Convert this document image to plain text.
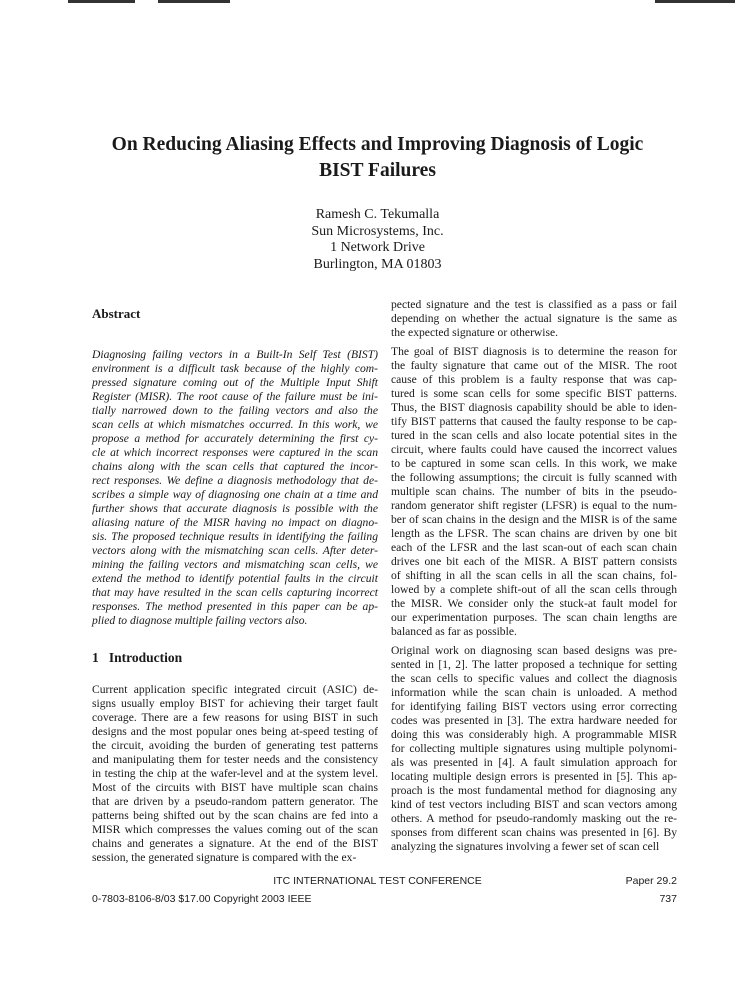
On Reducing Aliasing Effects and Improving Diagnosis of Logic
BIST Failures
Ramesh C. Tekumalla
Sun Microsystems, Inc.
1 Network Drive
Burlington, MA 01803
Abstract
Diagnosing failing vectors in a Built-In Self Test (BIST)
environment is a difficult task because of the highly com-
pressed signature coming out of the Multiple Input Shift
Register (MISR). The root cause of the failure must be ini-
tially narrowed down to the failing vectors and also the
scan cells at which mismatches occurred. In this work, we
propose a method for accurately determining the first cy-
cle at which incorrect responses were captured in the scan
chains along with the scan cells that captured the incor-
rect responses. We define a diagnosis methodology that de-
scribes a simple way of diagnosing one chain at a time and
further shows that accurate diagnosis is possible with the
aliasing nature of the MISR having no impact on diagno-
sis. The proposed technique results in identifying the failing
vectors along with the mismatching scan cells. After deter-
mining the failing vectors and mismatching scan cells, we
extend the method to identify potential faults in the circuit
that may have resulted in the scan cells capturing incorrect
responses. The method presented in this paper can be ap-
plied to diagnose multiple failing vectors also.
1   Introduction
Current application specific integrated circuit (ASIC) de-
signs usually employ BIST for achieving their target fault
coverage. There are a few reasons for using BIST in such
designs and the most popular ones being at-speed testing of
the circuit, avoiding the burden of generating test patterns
and manipulating them for tester needs and the consistency
in testing the chip at the wafer-level and at the system level.
Most of the circuits with BIST have multiple scan chains
that are driven by a pseudo-random pattern generator. The
patterns being shifted out by the scan chains are fed into a
MISR which compresses the values coming out of the scan
chains and generates a signature. At the end of the BIST
session, the generated signature is compared with the ex-
pected signature and the test is classified as a pass or fail
depending on whether the actual signature is the same as
the expected signature or otherwise.
The goal of BIST diagnosis is to determine the reason for
the faulty signature that came out of the MISR. The root
cause of this problem is a faulty response that was cap-
tured is some scan cells for some specific BIST patterns.
Thus, the BIST diagnosis capability should be able to iden-
tify BIST patterns that caused the faulty response to be cap-
tured in the scan cells and also locate potential sites in the
circuit, where faults could have caused the incorrect values
to be captured in some scan cells. In this work, we make
the following assumptions; the circuit is fully scanned with
multiple scan chains. The number of bits in the pseudo-
random generator shift register (LFSR) is equal to the num-
ber of scan chains in the design and the MISR is of the same
length as the LFSR. The scan chains are driven by one bit
each of the LFSR and the last scan-out of each scan chain
drives one bit each of the MISR. A BIST pattern consists
of shifting in all the scan cells in all the scan chains, fol-
lowed by a complete shift-out of all the scan cells through
the MISR. We consider only the stuck-at fault model for
our experimentation purposes. The scan chain lengths are
balanced as far as possible.
Original work on diagnosing scan based designs was pre-
sented in [1, 2]. The latter proposed a technique for setting
the scan cells to specific values and collect the diagnosis
information while the scan chain is unloaded. A method
for identifying failing BIST vectors using error correcting
codes was presented in [3]. The extra hardware needed for
doing this was considerably high. A programmable MISR
for collecting multiple signatures using multiple polynomi-
als was presented in [4]. A fault simulation approach for
locating multiple design errors is presented in [5]. This ap-
proach is the most fundamental method for diagnosing any
kind of test vectors including BIST and scan vectors among
others. A method for pseudo-randomly masking out the re-
sponses from different scan chains was presented in [6]. By
analyzing the signatures involving a fewer set of scan cell
ITC INTERNATIONAL TEST CONFERENCE	Paper 29.2
0-7803-8106-8/03 $17.00 Copyright 2003 IEEE	737
